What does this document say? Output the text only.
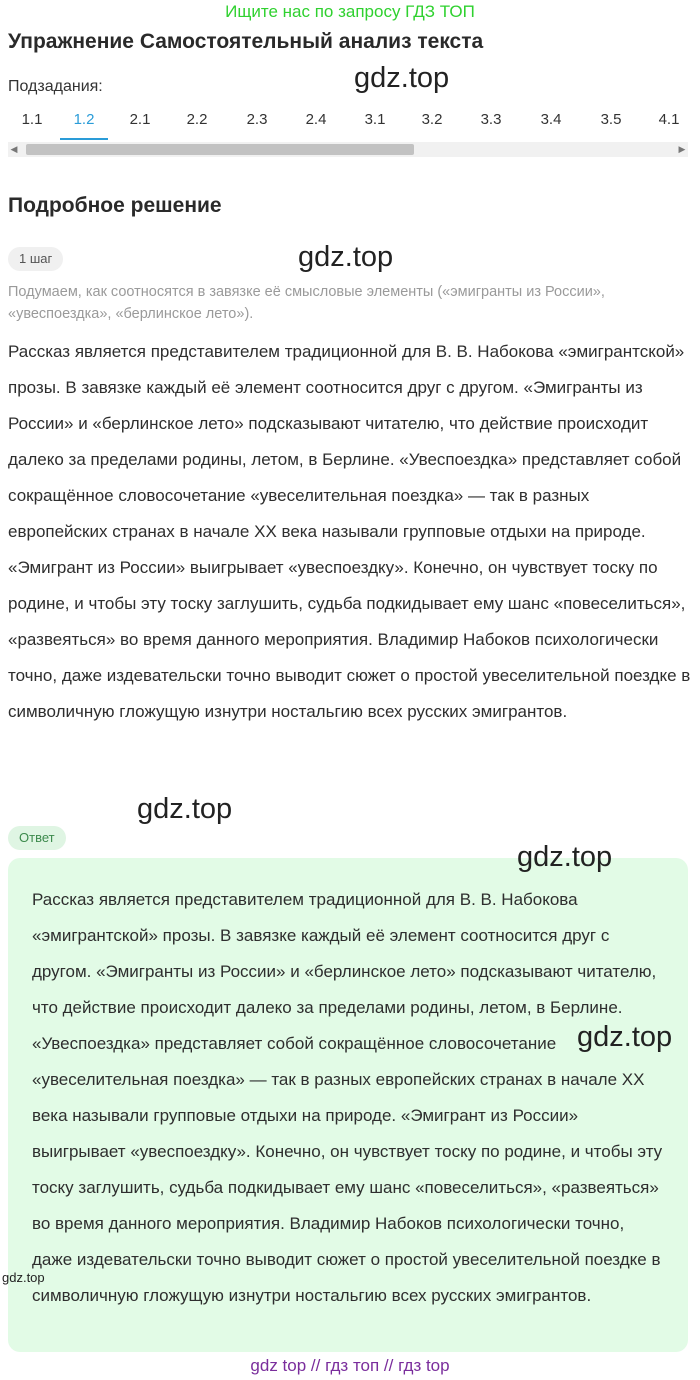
Ищите нас по запросу ГДЗ ТОП
Упражнение Самостоятельный анализ текста
gdz.top
Подзадания:
1.1	1.2	2.1	2.2	2.3	2.4	3.1	3.2	3.3	3.4	3.5	4.1
◀	▶
Подробное решение
1 шаг	gdz.top
Подумаем, как соотносятся в завязке её смысловые элементы («эмигранты из России», «увеспоездка», «берлинское лето»).
Рассказ является представителем традиционной для В. В. Набокова «эмигрантской» прозы. В завязке каждый её элемент соотносится друг с другом. «Эмигранты из России» и «берлинское лето» подсказывают читателю, что действие происходит далеко за пределами родины, летом, в Берлине. «Увеспоездка» представляет собой сокращённое словосочетание «увеселительная поездка» — так в разных европейских странах в начале XX века называли групповые отдыхи на природе. «Эмигрант из России» выигрывает «увеспоездку». Конечно, он чувствует тоску по родине, и чтобы эту тоску заглушить, судьба подкидывает ему шанс «повеселиться», «развеяться» во время данного мероприятия. Владимир Набоков психологически точно, даже издевательски точно выводит сюжет о простой увеселительной поездке в символичную гложущую изнутри ностальгию всех русских эмигрантов.
gdz.top
Ответ
Рассказ является представителем традиционной для В. В. Набокова «эмигрантской» прозы. В завязке каждый её элемент соотносится друг с другом. «Эмигранты из России» и «берлинское лето» подсказывают читателю, что действие происходит далеко за пределами родины, летом, в Берлине. «Увеспоездка» представляет собой сокращённое словосочетание «увеселительная поездка» — так в разных европейских странах в начале XX века называли групповые отдыхи на природе. «Эмигрант из России» выигрывает «увеспоездку». Конечно, он чувствует тоску по родине, и чтобы эту тоску заглушить, судьба подкидывает ему шанс «повеселиться», «развеяться» во время данного мероприятия. Владимир Набоков психологически точно, даже издевательски точно выводит сюжет о простой увеселительной поездке в символичную гложущую изнутри ностальгию всех русских эмигрантов.
gdz.top
gdz.top
gdz.top
gdz top // гдз топ // гдз top
